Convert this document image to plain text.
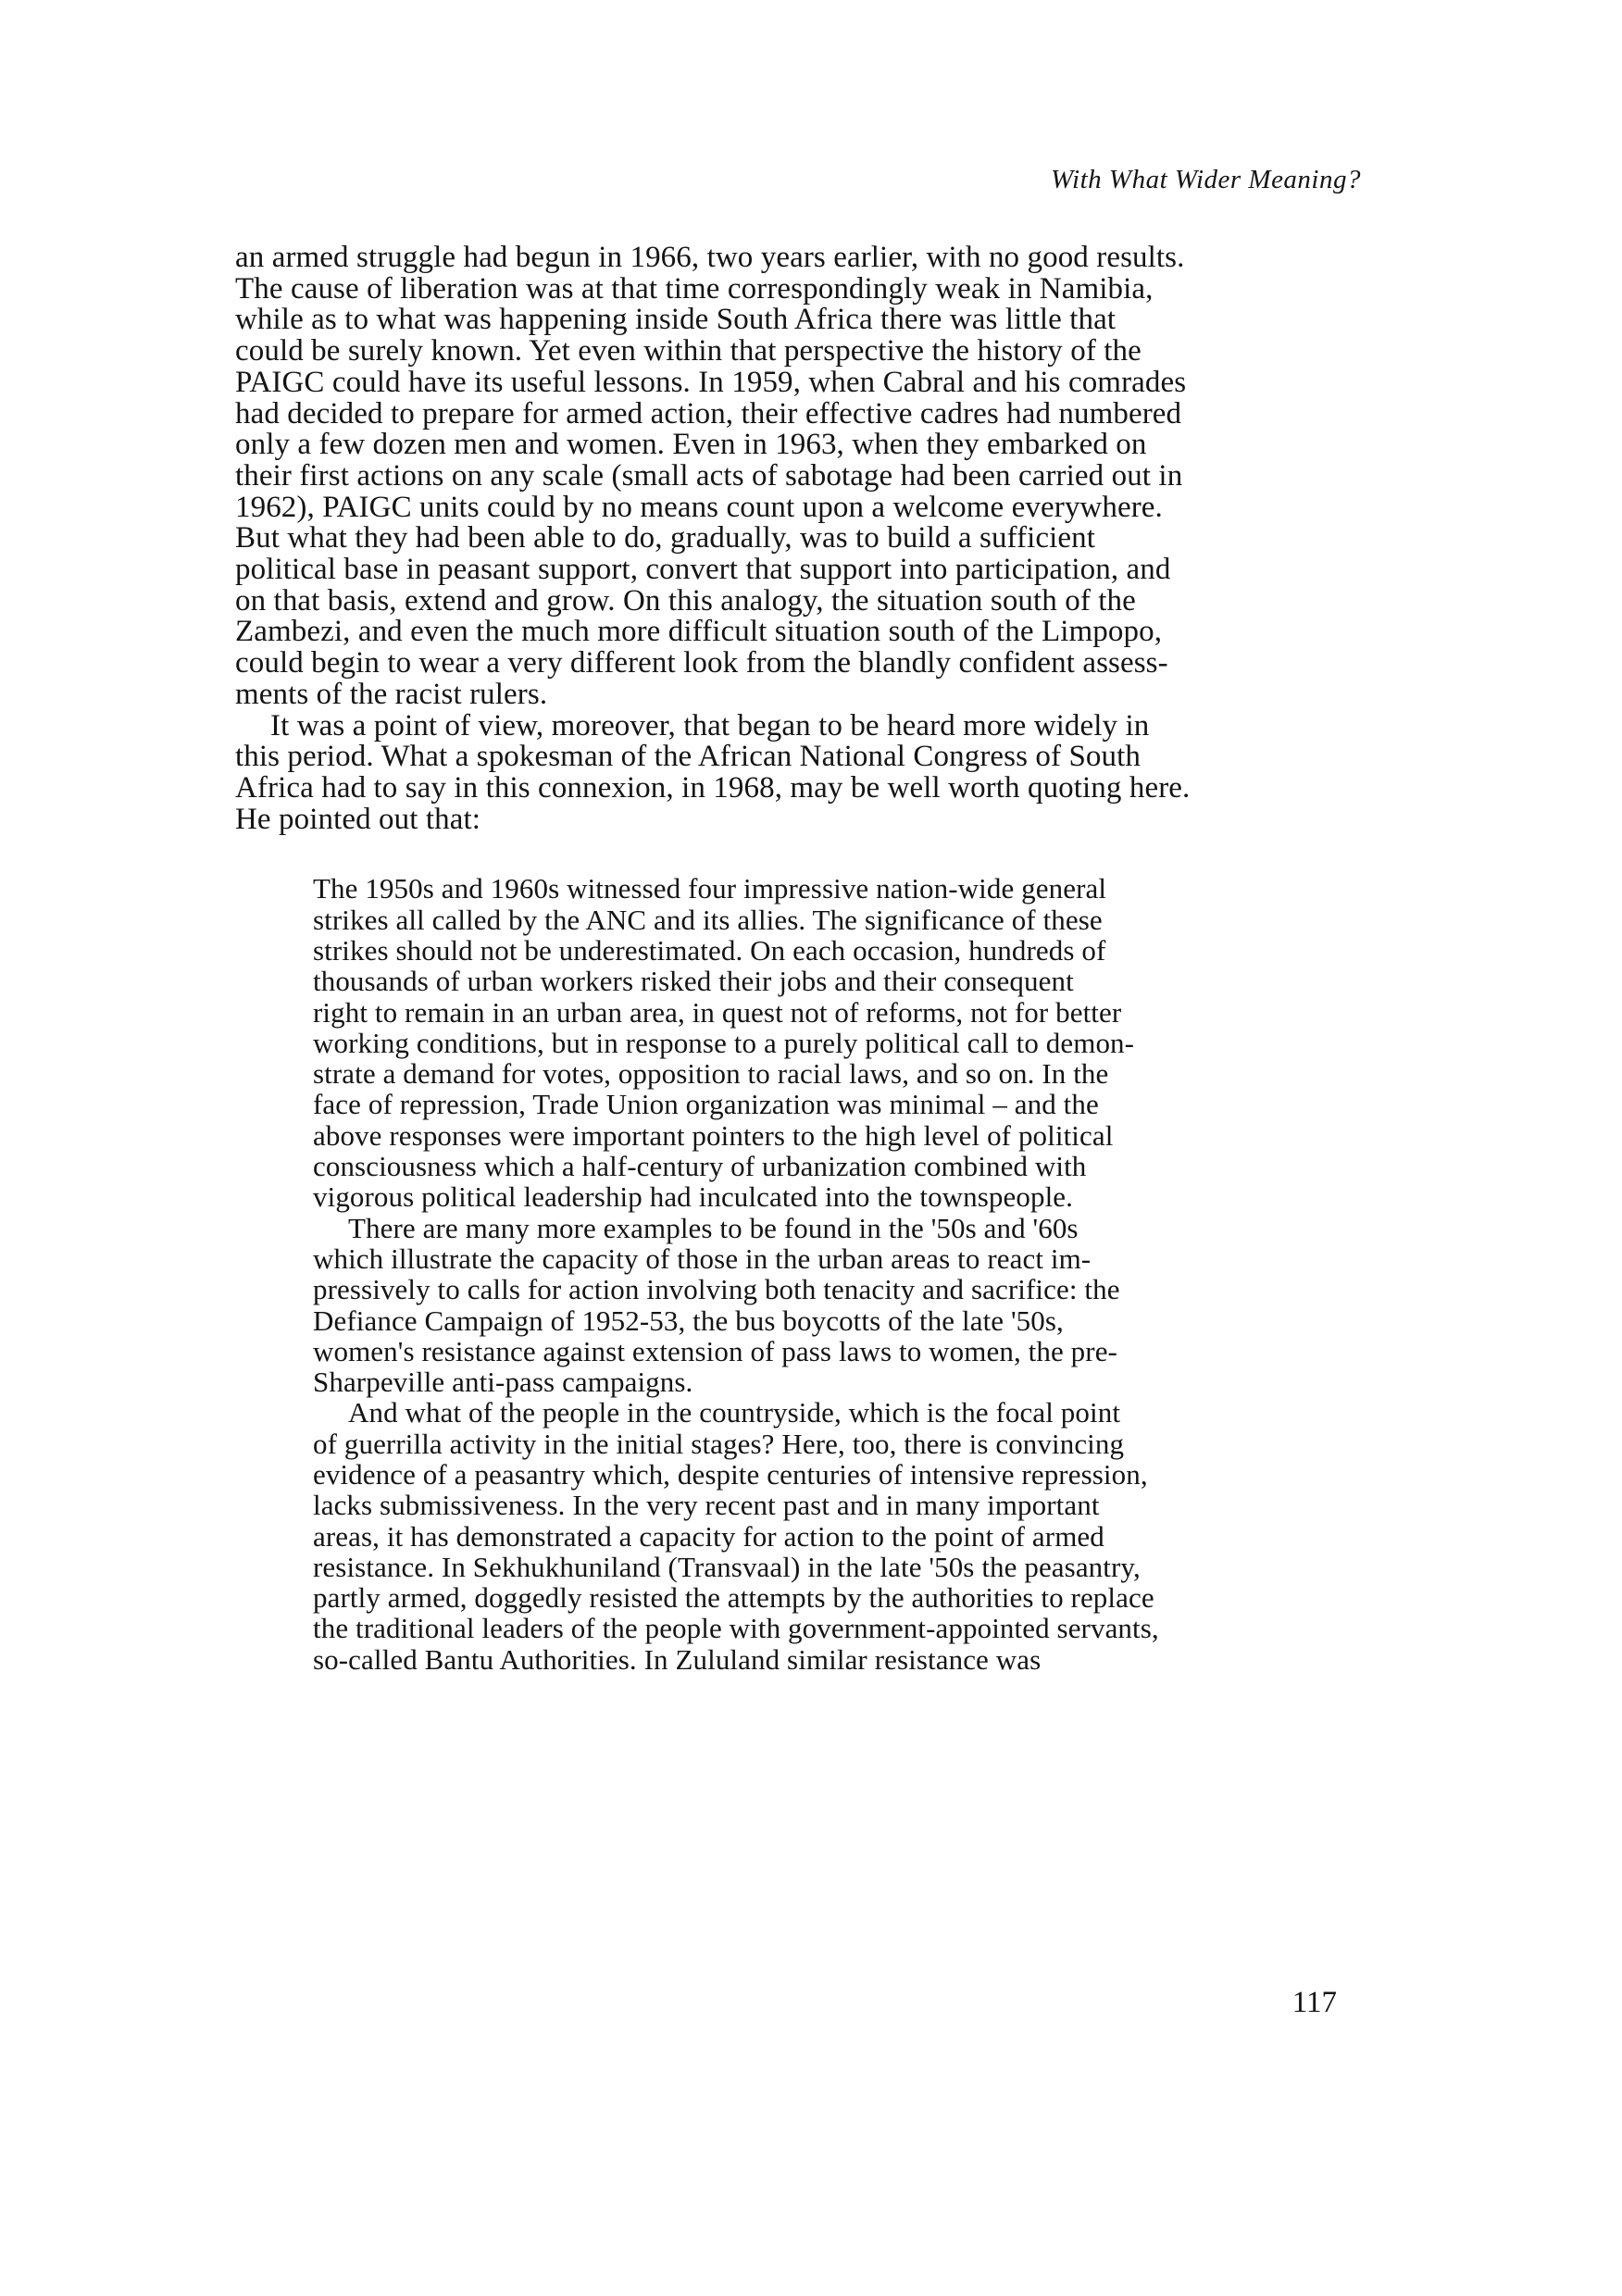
With What Wider Meaning?
an armed struggle had begun in 1966, two years earlier, with no good results.
The cause of liberation was at that time correspondingly weak in Namibia,
while as to what was happening inside South Africa there was little that
could be surely known. Yet even within that perspective the history of the
PAIGC could have its useful lessons. In 1959, when Cabral and his comrades
had decided to prepare for armed action, their effective cadres had numbered
only a few dozen men and women. Even in 1963, when they embarked on
their first actions on any scale (small acts of sabotage had been carried out in
1962), PAIGC units could by no means count upon a welcome everywhere.
But what they had been able to do, gradually, was to build a sufficient
political base in peasant support, convert that support into participation, and
on that basis, extend and grow. On this analogy, the situation south of the
Zambezi, and even the much more difficult situation south of the Limpopo,
could begin to wear a very different look from the blandly confident assess-
ments of the racist rulers.
It was a point of view, moreover, that began to be heard more widely in
this period. What a spokesman of the African National Congress of South
Africa had to say in this connexion, in 1968, may be well worth quoting here.
He pointed out that:
The 1950s and 1960s witnessed four impressive nation-wide general
strikes all called by the ANC and its allies. The significance of these
strikes should not be underestimated. On each occasion, hundreds of
thousands of urban workers risked their jobs and their consequent
right to remain in an urban area, in quest not of reforms, not for better
working conditions, but in response to a purely political call to demon-
strate a demand for votes, opposition to racial laws, and so on. In the
face of repression, Trade Union organization was minimal – and the
above responses were important pointers to the high level of political
consciousness which a half-century of urbanization combined with
vigorous political leadership had inculcated into the townspeople.
There are many more examples to be found in the '50s and '60s
which illustrate the capacity of those in the urban areas to react im-
pressively to calls for action involving both tenacity and sacrifice: the
Defiance Campaign of 1952-53, the bus boycotts of the late '50s,
women's resistance against extension of pass laws to women, the pre-
Sharpeville anti-pass campaigns.
And what of the people in the countryside, which is the focal point
of guerrilla activity in the initial stages? Here, too, there is convincing
evidence of a peasantry which, despite centuries of intensive repression,
lacks submissiveness. In the very recent past and in many important
areas, it has demonstrated a capacity for action to the point of armed
resistance. In Sekhukhuniland (Transvaal) in the late '50s the peasantry,
partly armed, doggedly resisted the attempts by the authorities to replace
the traditional leaders of the people with government-appointed servants,
so-called Bantu Authorities. In Zululand similar resistance was
117
